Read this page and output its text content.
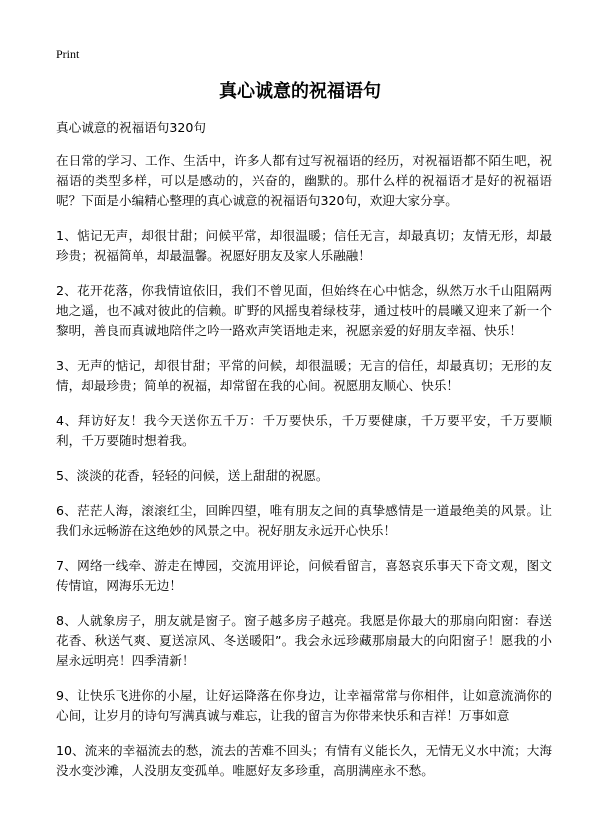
Print
真心诚意的祝福语句
真心诚意的祝福语句320句
在日常的学习、工作、生活中，许多人都有过写祝福语的经历，对祝福语都不陌生吧，祝福语的类型多样，可以是感动的，兴奋的，幽默的。那什么样的祝福语才是好的祝福语呢？下面是小编精心整理的真心诚意的祝福语句320句，欢迎大家分享。
1、惦记无声，却很甘甜；问候平常，却很温暖；信任无言，却最真切；友情无形，却最珍贵；祝福简单，却最温馨。祝愿好朋友及家人乐融融！
2、花开花落，你我情谊依旧，我们不曾见面，但始终在心中惦念，纵然万水千山阻隔两地之遥，也不减对彼此的信赖。旷野的风摇曳着绿枝芽，通过枝叶的晨曦又迎来了新一个黎明，善良而真诚地陪伴之吟一路欢声笑语地走来，祝愿亲爱的好朋友幸福、快乐！
3、无声的惦记，却很甘甜；平常的问候，却很温暖；无言的信任，却最真切；无形的友情，却最珍贵；简单的祝福，却常留在我的心间。祝愿朋友顺心、快乐！
4、拜访好友！我今天送你五千万：千万要快乐，千万要健康，千万要平安，千万要顺利，千万要随时想着我。
5、淡淡的花香，轻轻的问候，送上甜甜的祝愿。
6、茫茫人海，滚滚红尘，回眸四望，唯有朋友之间的真挚感情是一道最绝美的风景。让我们永远畅游在这绝妙的风景之中。祝好朋友永远开心快乐！
7、网络一线牵、游走在博园，交流用评论，问候看留言，喜怒哀乐事天下奇文观，图文传情谊，网海乐无边！
8、人就象房子，朋友就是窗子。窗子越多房子越亮。我愿是你最大的那扇向阳窗：春送花香、秋送气爽、夏送凉风、冬送暖阳”。我会永远珍藏那扇最大的向阳窗子！愿我的小屋永远明亮！四季清新！
9、让快乐飞进你的小屋，让好运降落在你身边，让幸福常常与你相伴，让如意流淌你的心间，让岁月的诗句写满真诚与难忘，让我的留言为你带来快乐和吉祥！万事如意
10、流来的幸福流去的愁，流去的苦难不回头；有情有义能长久，无情无义水中流；大海没水变沙滩，人没朋友变孤单。唯愿好友多珍重，高朋满座永不愁。
